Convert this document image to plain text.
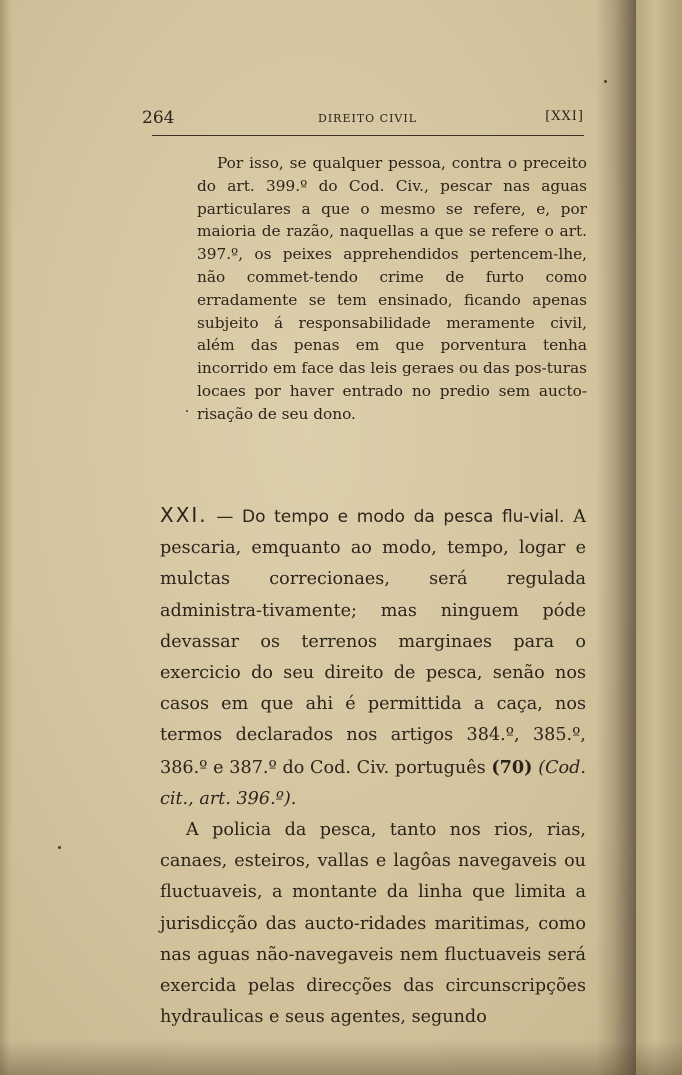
264	DIREITO CIVIL	[XXI]

Por isso, se qualquer pessoa, contra o preceito do art. 399.º do Cod. Civ., pescar nas aguas particulares a que o mesmo se refere, e, por maioria de razão, naquellas a que se refere o art. 397.º, os peixes apprehendidos pertencem-lhe, não commet-tendo crime de furto como erradamente se tem ensinado, ficando apenas subjeito á responsabilidade meramente civil, além das penas em que porventura tenha incorrido em face das leis geraes ou das pos-turas locaes por haver entrado no predio sem aucto-risação de seu dono.

XXI. — Do tempo e modo da pesca flu-vial. A pescaria, emquanto ao modo, tempo, logar e mulctas correcionaes, será regulada administra-tivamente; mas ninguem póde devassar os terrenos marginaes para o exercicio do seu direito de pesca, senão nos casos em que ahi é permittida a caça, nos termos declarados nos artigos 384.º, 385.º, 386.º e 387.º do Cod. Civ. português (70) (Cod. cit., art. 396.º).

A policia da pesca, tanto nos rios, rias, canaes, esteiros, vallas e lagôas navegaveis ou fluctuaveis, a montante da linha que limita a jurisdicção das aucto-ridades maritimas, como nas aguas não-navegaveis nem fluctuaveis será exercida pelas direcções das circunscripções hydraulicas e seus agentes, segundo
